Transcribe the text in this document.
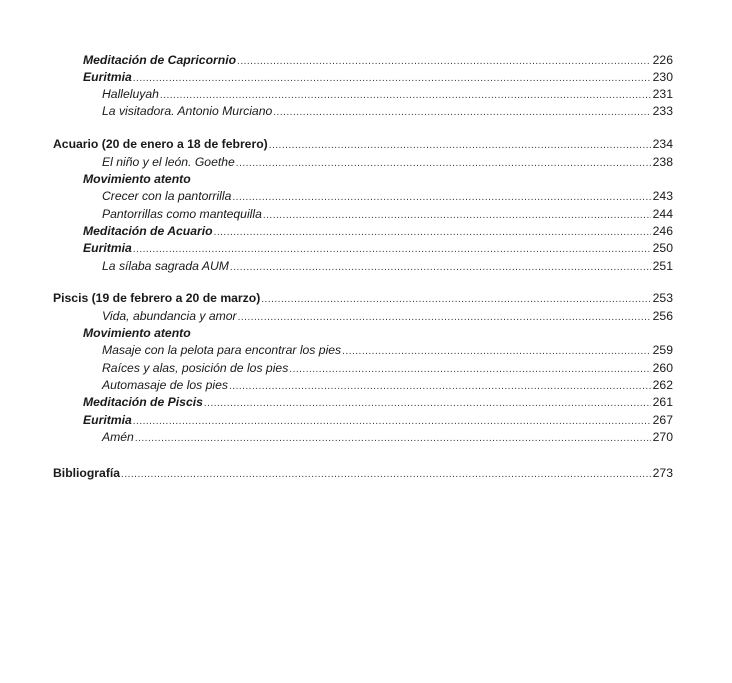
Meditación de Capricornio .....	226
Euritmia .....	230
Halleluyah .....	231
La visitadora. Antonio Murciano .....	233
Acuario (20 de enero a 18 de febrero) .....	234
El niño y el león. Goethe .....	238
Movimiento atento
Crecer con la pantorrilla .....	243
Pantorrillas como mantequilla .....	244
Meditación de Acuario .....	246
Euritmia .....	250
La sílaba sagrada AUM .....	251
Piscis (19 de febrero a 20 de marzo) .....	253
Vida, abundancia y amor .....	256
Movimiento atento
Masaje con la pelota para encontrar los pies .....	259
Raíces y alas, posición de los pies .....	260
Automasaje de los pies .....	262
Meditación de Piscis .....	261
Euritmia .....	267
Amén .....	270
Bibliografía .....	273
